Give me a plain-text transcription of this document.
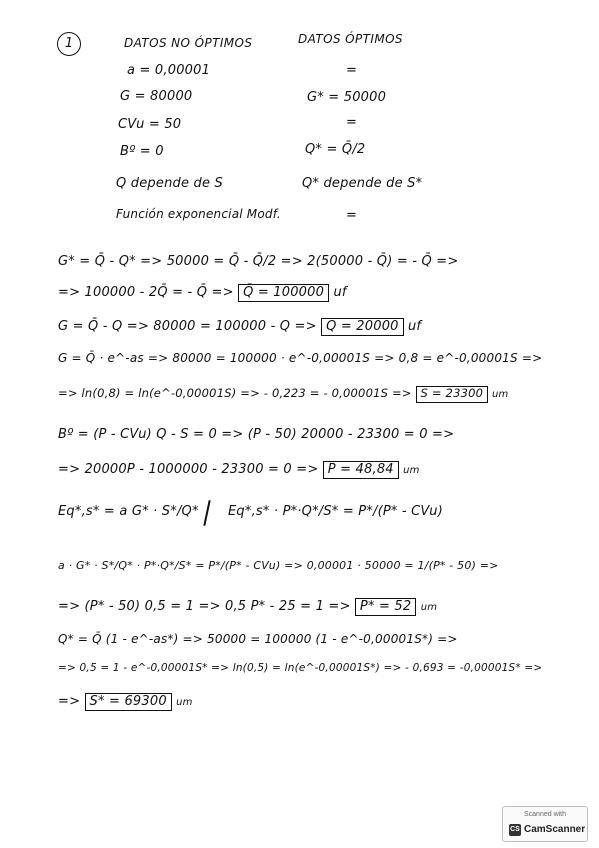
1	DATOS NO ÓPTIMOS	DATOS ÓPTIMOS
a = 0,00001
G = 80000
CVu = 50
Bº = 0
Q depende de S
Función exponencial Modf.
=
G* = 50000
=
Q* = Q̄/2
Q* depende de S*
=
G* = Q̄ - Q* => 50000 = Q̄ - Q̄/2 => 2(50000 - Q̄) = - Q̄ =>
=> 100000 - 2Q̄ = - Q̄ => Q̄ = 100000 uf
G = Q̄ - Q => 80000 = 100000 - Q => Q = 20000 uf
G = Q̄ · e^-as => 80000 = 100000 · e^-0,00001S => 0,8 = e^-0,00001S =>
=> ln(0,8) = ln(e^-0,00001S) => - 0,223 = - 0,00001S => S = 23300 um
Bº = (P - CVu) Q - S = 0 => (P - 50) 20000 - 23300 = 0 =>
=> 20000P - 1000000 - 23300 = 0 => P = 48,84 um
Eq*,s* = a G* · S*/Q* Eq*,s* · P*·Q*/S* = P*/(P* - CVu)
a · G* · S*/Q* · P*·Q*/S* = P*/(P* - CVu) => 0,00001 · 50000 = 1/(P* - 50) =>
=> (P* - 50) 0,5 = 1 => 0,5 P* - 25 = 1 => P* = 52 um
Q* = Q̄ (1 - e^-as*) => 50000 = 100000 (1 - e^-0,00001S*) =>
=> 0,5 = 1 - e^-0,00001S* => ln(0,5) = ln(e^-0,00001S*) => - 0,693 = -0,00001S* =>
=> S* = 69300 um
Scanned with
CS CamScanner
